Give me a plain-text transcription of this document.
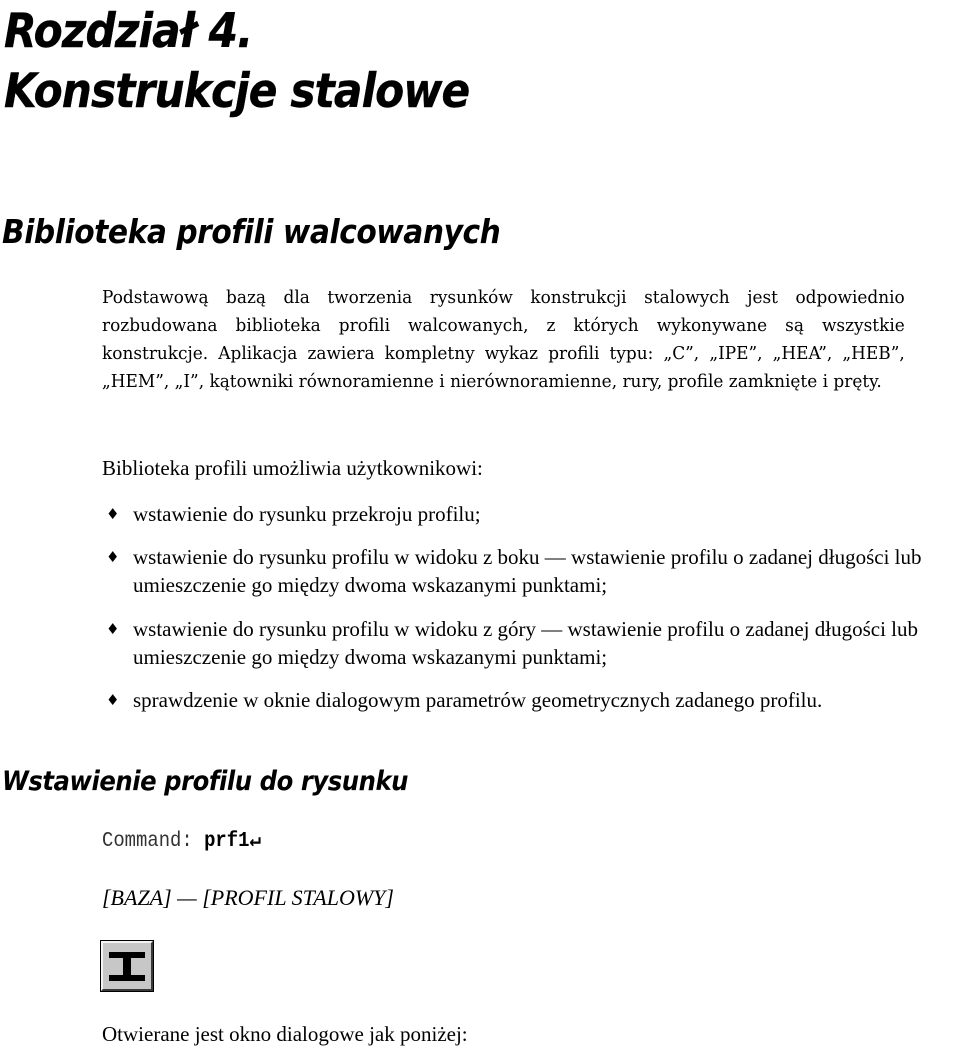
Rozdział 4.
Konstrukcje stalowe
Biblioteka profili walcowanych

Podstawową bazą dla tworzenia rysunków konstrukcji stalowych jest odpowiednio rozbudowana biblioteka profili walcowanych, z których wykonywane są wszystkie konstrukcje. Aplikacja zawiera kompletny wykaz profili typu: „C”, „IPE”, „HEA”, „HEB”, „HEM”, „I”, kątowniki równoramienne i nierównoramienne, rury, profile zamknięte i pręty.

Biblioteka profili umożliwia użytkownikowi:

♦ wstawienie do rysunku przekroju profilu;
♦ wstawienie do rysunku profilu w widoku z boku — wstawienie profilu o zadanej długości lub umieszczenie go między dwoma wskazanymi punktami;
♦ wstawienie do rysunku profilu w widoku z góry — wstawienie profilu o zadanej długości lub umieszczenie go między dwoma wskazanymi punktami;
♦ sprawdzenie w oknie dialogowym parametrów geometrycznych zadanego profilu.
Wstawienie profilu do rysunku

Command: prf1↵

[BAZA] — [PROFIL STALOWY]

Otwierane jest okno dialogowe jak poniżej:
